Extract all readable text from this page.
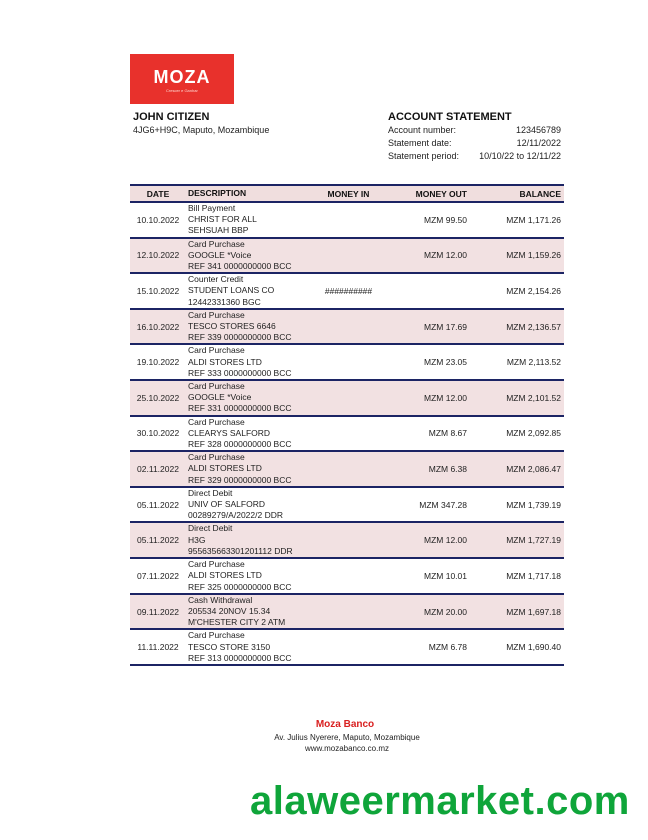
MOZA
Crescer e Ganhar
JOHN CITIZEN
4JG6+H9C, Maputo, Mozambique
ACCOUNT STATEMENT
Account number:	123456789
Statement date:	12/11/2022
Statement period: 10/10/22 to 12/11/22
DATE	DESCRIPTION	MONEY IN	MONEY OUT	BALANCE
10.10.2022	Bill Payment
CHRIST FOR ALL
SEHSUAH BBP		MZM 99.50	MZM 1,171.26
12.10.2022	Card Purchase
GOOGLE *Voice
REF 341 0000000000 BCC		MZM 12.00	MZM 1,159.26
15.10.2022	Counter Credit
STUDENT LOANS CO
12442331360 BGC	##########		MZM 2,154.26
16.10.2022	Card Purchase
TESCO STORES 6646
REF 339 0000000000 BCC		MZM 17.69	MZM 2,136.57
19.10.2022	Card Purchase
ALDI STORES LTD
REF 333 0000000000 BCC		MZM 23.05	MZM 2,113.52
25.10.2022	Card Purchase
GOOGLE *Voice
REF 331 0000000000 BCC		MZM 12.00	MZM 2,101.52
30.10.2022	Card Purchase
CLEARYS SALFORD
REF 328 0000000000 BCC		MZM 8.67	MZM 2,092.85
02.11.2022	Card Purchase
ALDI STORES LTD
REF 329 0000000000 BCC		MZM 6.38	MZM 2,086.47
05.11.2022	Direct Debit
UNIV OF SALFORD
00289279/A/2022/2 DDR		MZM 347.28	MZM 1,739.19
05.11.2022	Direct Debit
H3G
955635663301201112 DDR		MZM 12.00	MZM 1,727.19
07.11.2022	Card Purchase
ALDI STORES LTD
REF 325 0000000000 BCC		MZM 10.01	MZM 1,717.18
09.11.2022	Cash Withdrawal
205534 20NOV 15.34
M'CHESTER CITY 2 ATM		MZM 20.00	MZM 1,697.18
11.11.2022	Card Purchase
TESCO STORE 3150
REF 313 0000000000 BCC		MZM 6.78	MZM 1,690.40
Moza Banco
Av. Julius Nyerere, Maputo, Mozambique
www.mozabanco.co.mz
alaweermarket.com
